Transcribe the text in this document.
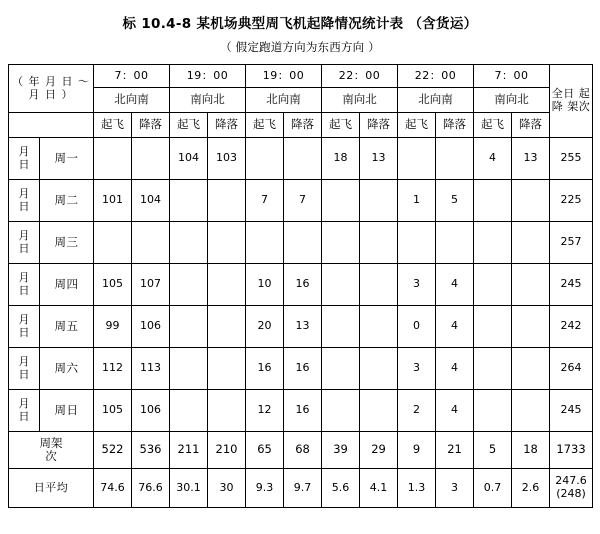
标 10.4-8 某机场典型周飞机起降情况统计表 （含货运）
（ 假定跑道方向为东西方向 ）
（ 年 月 日 ～ 月 日 ）		7：00		19：00		19：00		22：00		22：00		7：00		全日 起降 架次
		北向南		南向北		北向南		南向北		北向南		南向北		
		起飞	降落	起飞	降落	起飞	降落	起飞	降落	起飞	降落	起飞	降落	

月
日	周一			104	103			18	13			4	13	255

月
日	周二	101	104			7	7			1	5			225

月
日	周三													257

月
日	周四	105	107			10	16			3	4			245

月
日	周五	99	106			20	13			0	4			242

月
日	周六	112	113			16	16			3	4			264

月
日	周日	105	106			12	16			2	4			245

周架
次		522	536	211	210	65	68	39	29	9	21	5	18	1733
日平均		74.6	76.6	30.1	30	9.3	9.7	5.6	4.1	1.3	3	0.7	2.6	247.6
(248)
